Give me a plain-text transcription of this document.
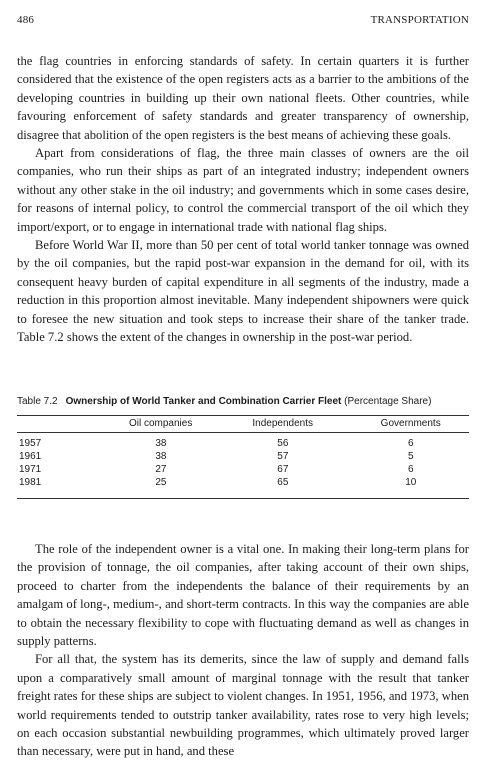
486	TRANSPORTATION

the flag countries in enforcing standards of safety. In certain quarters it is further considered that the existence of the open registers acts as a barrier to the ambitions of the developing countries in building up their own national fleets. Other countries, while favouring enforcement of safety standards and greater transparency of ownership, disagree that abolition of the open registers is the best means of achieving these goals.

Apart from considerations of flag, the three main classes of owners are the oil companies, who run their ships as part of an integrated industry; independent owners without any other stake in the oil industry; and governments which in some cases desire, for reasons of internal policy, to control the commercial transport of the oil which they import/export, or to engage in international trade with national flag ships.

Before World War II, more than 50 per cent of total world tanker tonnage was owned by the oil companies, but the rapid post-war expansion in the demand for oil, with its consequent heavy burden of capital expenditure in all segments of the industry, made a reduction in this proportion almost inevitable. Many independent shipowners were quick to foresee the new situation and took steps to increase their share of the tanker trade. Table 7.2 shows the extent of the changes in ownership in the post-war period.

Table 7.2 Ownership of World Tanker and Combination Carrier Fleet (Percentage Share)
	Oil companies	Independents	Governments
1957	38	56	6
1961	38	57	5
1971	27	67	6
1981	25	65	10

The role of the independent owner is a vital one. In making their long-term plans for the provision of tonnage, the oil companies, after taking account of their own ships, proceed to charter from the independents the balance of their requirements by an amalgam of long-, medium-, and short-term contracts. In this way the companies are able to obtain the necessary flexibility to cope with fluctuating demand as well as changes in supply patterns.

For all that, the system has its demerits, since the law of supply and demand falls upon a comparatively small amount of marginal tonnage with the result that tanker freight rates for these ships are subject to violent changes. In 1951, 1956, and 1973, when world requirements tended to outstrip tanker availability, rates rose to very high levels; on each occasion substantial newbuilding programmes, which ultimately proved larger than necessary, were put in hand, and these
